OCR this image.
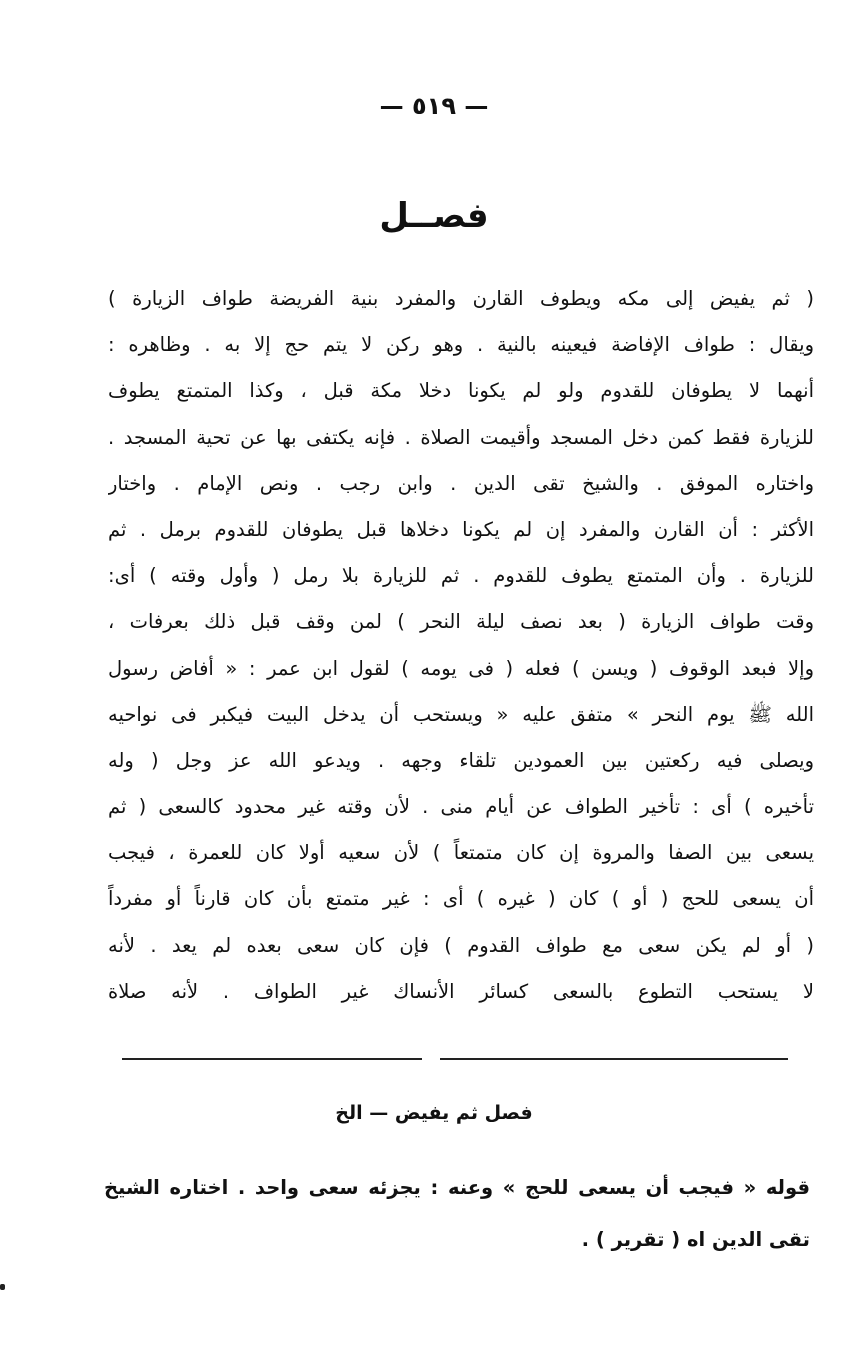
— ٥١٩ —
فصــل
( ثم يفيض إلى مكه ويطوف القارن والمفرد بنية الفريضة طواف الزيارة )
ويقال : طواف الإفاضة فيعينه بالنية . وهو ركن لا يتم حج إلا به . وظاهره :
أنهما لا يطوفان للقدوم ولو لم يكونا دخلا مكة قبل ، وكذا المتمتع يطوف
للزيارة فقط كمن دخل المسجد وأقيمت الصلاة . فإنه يكتفى بها عن تحية المسجد .
واختاره الموفق . والشيخ تقى الدين . وابن رجب . ونص الإمام . واختار
الأكثر : أن القارن والمفرد إن لم يكونا دخلاها قبل يطوفان للقدوم برمل . ثم
للزيارة . وأن المتمتع يطوف للقدوم . ثم للزيارة بلا رمل ( وأول وقته ) أى:
وقت طواف الزيارة ( بعد نصف ليلة النحر ) لمن وقف قبل ذلك بعرفات ،
وإلا فبعد الوقوف ( ويسن ) فعله ( فى يومه ) لقول ابن عمر : « أفاض رسول
الله ﷺ يوم النحر » متفق عليه « ويستحب أن يدخل البيت فيكبر فى نواحيه
ويصلى فيه ركعتين بين العمودين تلقاء وجهه . ويدعو الله عز وجل ( وله
تأخيره ) أى : تأخير الطواف عن أيام منى . لأن وقته غير محدود كالسعى ( ثم
يسعى بين الصفا والمروة إن كان متمتعاً ) لأن سعيه أولا كان للعمرة ، فيجب
أن يسعى للحج ( أو ) كان ( غيره ) أى : غير متمتع بأن كان قارناً أو مفرداً
( أو لم يكن سعى مع طواف القدوم ) فإن كان سعى بعده لم يعد . لأنه
لا يستحب التطوع بالسعى كسائر الأنساك غير الطواف . لأنه صلاة
فصل ثم يفيض — الخ
قوله « فيجب أن يسعى للحج » وعنه : يجزئه سعى واحد . اختاره الشيخ
تقى الدين اه ( تقرير ) .
